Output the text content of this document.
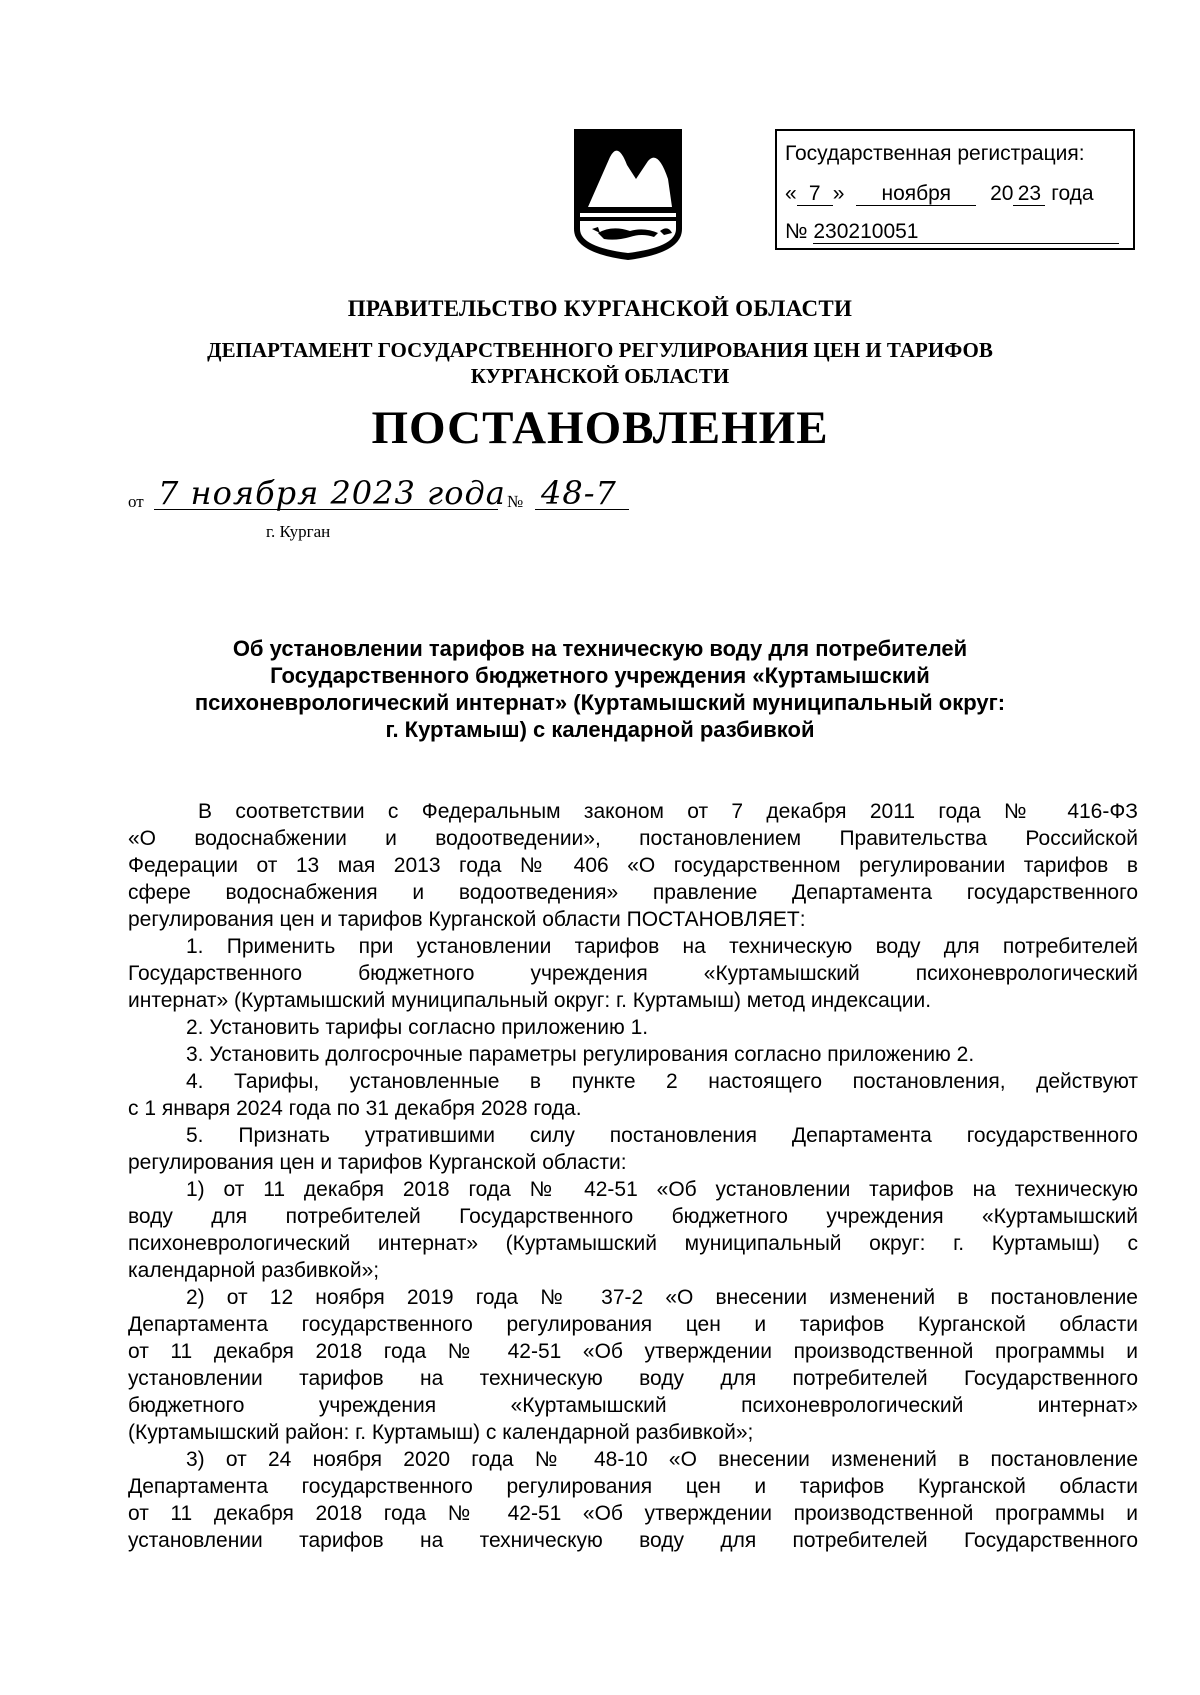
Государственная регистрация:
« 7 » ноября 20 23 года
№ 230210051
ПРАВИТЕЛЬСТВО КУРГАНСКОЙ ОБЛАСТИ
ДЕПАРТАМЕНТ ГОСУДАРСТВЕННОГО РЕГУЛИРОВАНИЯ ЦЕН И ТАРИФОВ
КУРГАНСКОЙ ОБЛАСТИ
ПОСТАНОВЛЕНИЕ
от 7 ноября 2023 года № 48-7
г. Курган
Об установлении тарифов на техническую воду для потребителей
Государственного бюджетного учреждения «Куртамышский
психоневрологический интернат» (Куртамышский муниципальный округ:
г. Куртамыш) с календарной разбивкой
В соответствии с Федеральным законом от 7 декабря 2011 года № 416-ФЗ
«О водоснабжении и водоотведении», постановлением Правительства Российской
Федерации от 13 мая 2013 года № 406 «О государственном регулировании тарифов в
сфере водоснабжения и водоотведения» правление Департамента государственного
регулирования цен и тарифов Курганской области ПОСТАНОВЛЯЕТ:
1. Применить при установлении тарифов на техническую воду для потребителей
Государственного бюджетного учреждения «Куртамышский психоневрологический
интернат» (Куртамышский муниципальный округ: г. Куртамыш) метод индексации.
2. Установить тарифы согласно приложению 1.
3. Установить долгосрочные параметры регулирования согласно приложению 2.
4. Тарифы, установленные в пункте 2 настоящего постановления, действуют
с 1 января 2024 года по 31 декабря 2028 года.
5. Признать утратившими силу постановления Департамента государственного
регулирования цен и тарифов Курганской области:
1) от 11 декабря 2018 года № 42-51 «Об установлении тарифов на техническую
воду для потребителей Государственного бюджетного учреждения «Куртамышский
психоневрологический интернат» (Куртамышский муниципальный округ: г. Куртамыш) с
календарной разбивкой»;
2) от 12 ноября 2019 года № 37-2 «О внесении изменений в постановление
Департамента государственного регулирования цен и тарифов Курганской области
от 11 декабря 2018 года № 42-51 «Об утверждении производственной программы и
установлении тарифов на техническую воду для потребителей Государственного
бюджетного учреждения «Куртамышский психоневрологический интернат»
(Куртамышский район: г. Куртамыш) с календарной разбивкой»;
3) от 24 ноября 2020 года № 48-10 «О внесении изменений в постановление
Департамента государственного регулирования цен и тарифов Курганской области
от 11 декабря 2018 года № 42-51 «Об утверждении производственной программы и
установлении тарифов на техническую воду для потребителей Государственного
